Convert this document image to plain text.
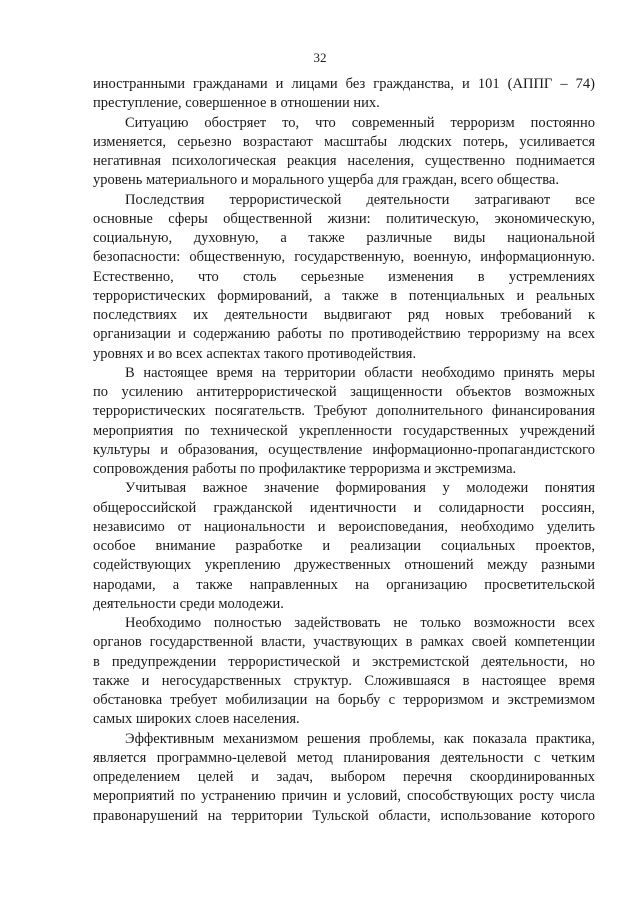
32
иностранными гражданами и лицами без гражданства, и 101 (АППГ – 74)
преступление, совершенное в отношении них.
Ситуацию обостряет то, что современный терроризм постоянно
изменяется, серьезно возрастают масштабы людских потерь, усиливается
негативная психологическая реакция населения, существенно поднимается
уровень материального и морального ущерба для граждан, всего общества.
Последствия террористической деятельности затрагивают все
основные сферы общественной жизни: политическую, экономическую,
социальную, духовную, а также различные виды национальной
безопасности: общественную, государственную, военную, информационную.
Естественно, что столь серьезные изменения в устремлениях
террористических формирований, а также в потенциальных и реальных
последствиях их деятельности выдвигают ряд новых требований к
организации и содержанию работы по противодействию терроризму на всех
уровнях и во всех аспектах такого противодействия.
В настоящее время на территории области необходимо принять меры
по усилению антитеррористической защищенности объектов возможных
террористических посягательств. Требуют дополнительного финансирования
мероприятия по технической укрепленности государственных учреждений
культуры и образования, осуществление информационно-пропагандистского
сопровождения работы по профилактике терроризма и экстремизма.
Учитывая важное значение формирования у молодежи понятия
общероссийской гражданской идентичности и солидарности россиян,
независимо от национальности и вероисповедания, необходимо уделить
особое внимание разработке и реализации социальных проектов,
содействующих укреплению дружественных отношений между разными
народами, а также направленных на организацию просветительской
деятельности среди молодежи.
Необходимо полностью задействовать не только возможности всех
органов государственной власти, участвующих в рамках своей компетенции
в предупреждении террористической и экстремистской деятельности, но
также и негосударственных структур. Сложившаяся в настоящее время
обстановка требует мобилизации на борьбу с терроризмом и экстремизмом
самых широких слоев населения.
Эффективным механизмом решения проблемы, как показала практика,
является программно-целевой метод планирования деятельности с четким
определением целей и задач, выбором перечня скоординированных
мероприятий по устранению причин и условий, способствующих росту числа
правонарушений на территории Тульской области, использование которого
